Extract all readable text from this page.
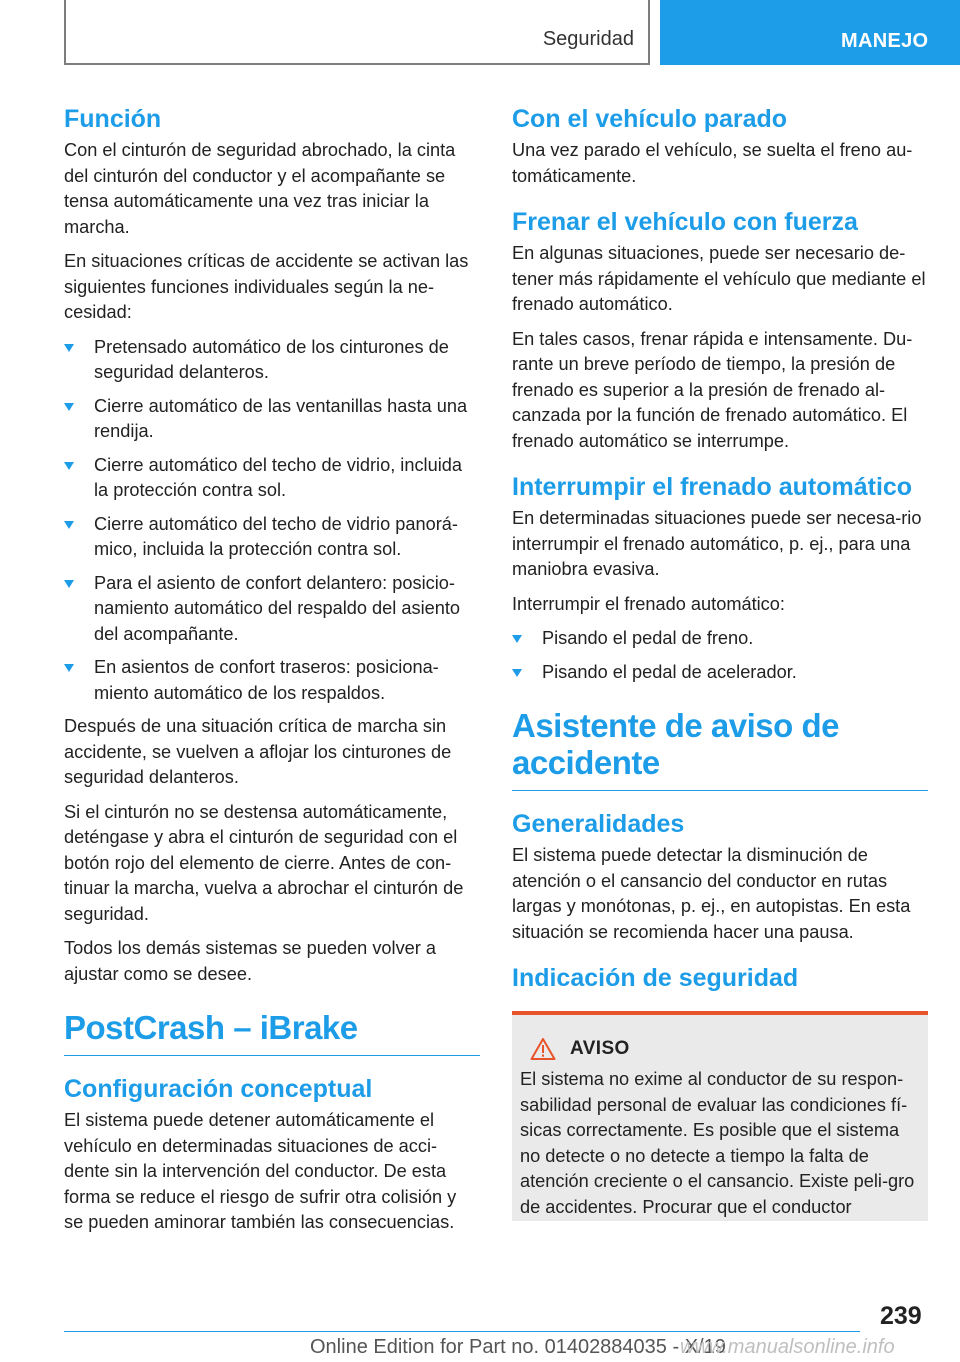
Seguridad	MANEJO
Función

Con el cinturón de seguridad abrochado, la cinta del cinturón del conductor y el acompañante se tensa automáticamente una vez tras iniciar la marcha.

En situaciones críticas de accidente se activan las siguientes funciones individuales según la ne-cesidad:

Pretensado automático de los cinturones de seguridad delanteros.
Cierre automático de las ventanillas hasta una rendija.
Cierre automático del techo de vidrio, incluida la protección contra sol.
Cierre automático del techo de vidrio panorá-mico, incluida la protección contra sol.
Para el asiento de confort delantero: posicio-namiento automático del respaldo del asiento del acompañante.
En asientos de confort traseros: posiciona-miento automático de los respaldos.

Después de una situación crítica de marcha sin accidente, se vuelven a aflojar los cinturones de seguridad delanteros.

Si el cinturón no se destensa automáticamente, deténgase y abra el cinturón de seguridad con el botón rojo del elemento de cierre. Antes de con-tinuar la marcha, vuelva a abrochar el cinturón de seguridad.

Todos los demás sistemas se pueden volver a ajustar como se desee.

PostCrash – iBrake
Configuración conceptual

El sistema puede detener automáticamente el vehículo en determinadas situaciones de acci-dente sin la intervención del conductor. De esta forma se reduce el riesgo de sufrir otra colisión y se pueden aminorar también las consecuencias.

Con el vehículo parado

Una vez parado el vehículo, se suelta el freno au-tomáticamente.

Frenar el vehículo con fuerza

En algunas situaciones, puede ser necesario de-tener más rápidamente el vehículo que mediante el frenado automático.

En tales casos, frenar rápida e intensamente. Du-rante un breve período de tiempo, la presión de frenado es superior a la presión de frenado al-canzada por la función de frenado automático. El frenado automático se interrumpe.

Interrumpir el frenado automático

En determinadas situaciones puede ser necesa-rio interrumpir el frenado automático, p. ej., para una maniobra evasiva.

Interrumpir el frenado automático:

Pisando el pedal de freno.
Pisando el pedal de acelerador.
Asistente de aviso de accidente
Generalidades

El sistema puede detectar la disminución de atención o el cansancio del conductor en rutas largas y monótonas, p. ej., en autopistas. En esta situación se recomienda hacer una pausa.

Indicación de seguridad
AVISO

El sistema no exime al conductor de su respon-sabilidad personal de evaluar las condiciones fí-sicas correctamente. Es posible que el sistema no detecte o no detecte a tiempo la falta de atención creciente o el cansancio. Existe peli-gro de accidentes. Procurar que el conductor

239
Online Edition for Part no. 01402884035 - X/19
www.manualsonline.info
